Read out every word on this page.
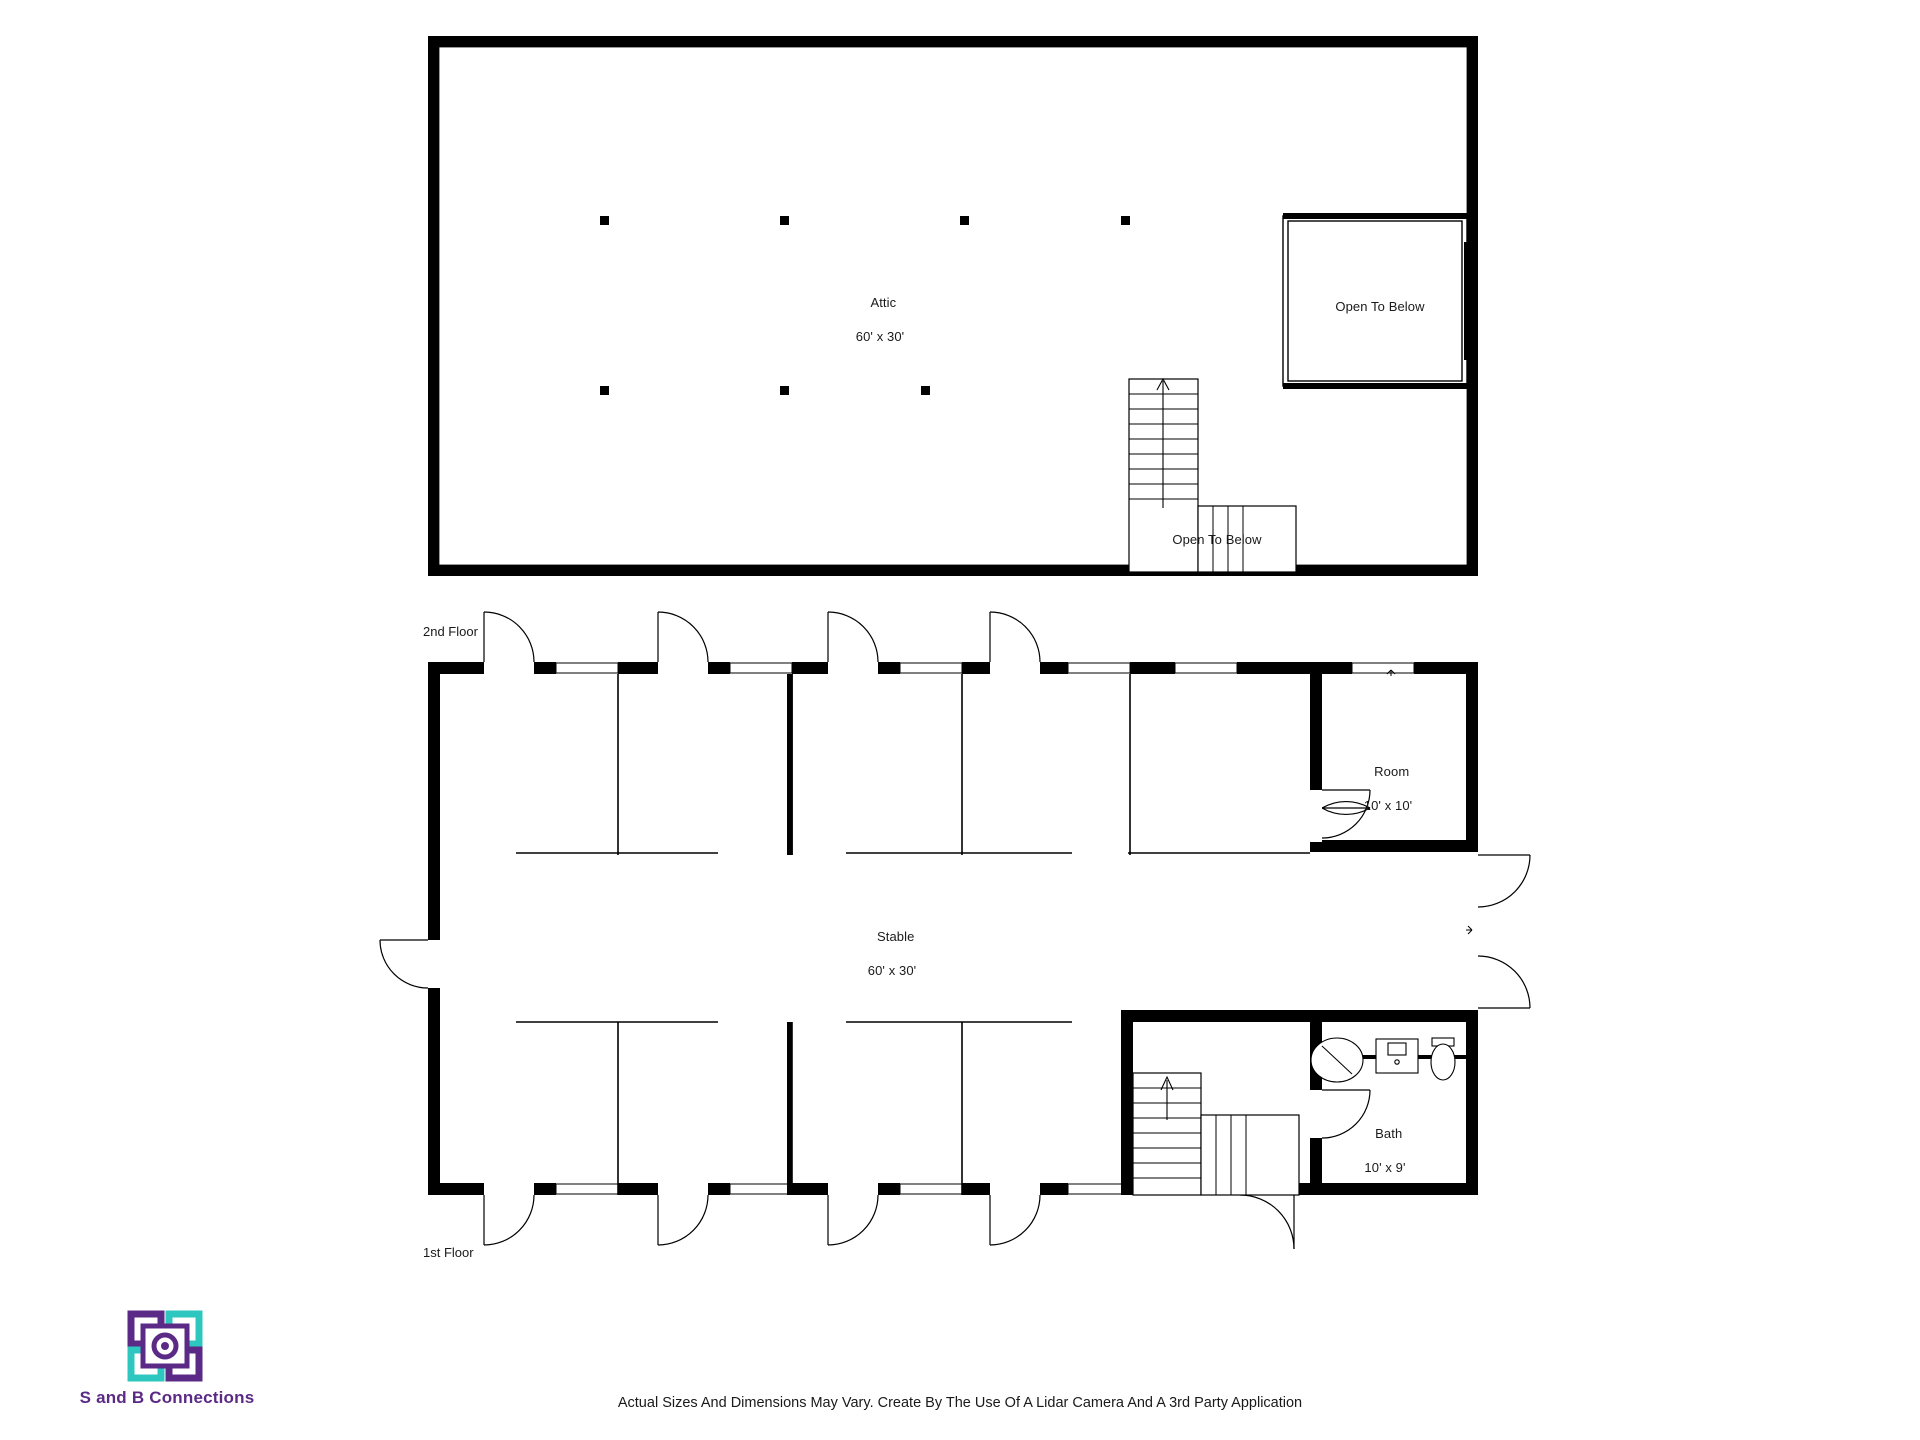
Attic

60' x 30'

Open To Below
Open To Below
2nd Floor

Stable

60' x 30'

Room

10' x 10'

Bath

10' x 9'

1st Floor
S and B Connections	Actual Sizes And Dimensions May Vary. Create By The Use Of A Lidar Camera And A 3rd Party Application
